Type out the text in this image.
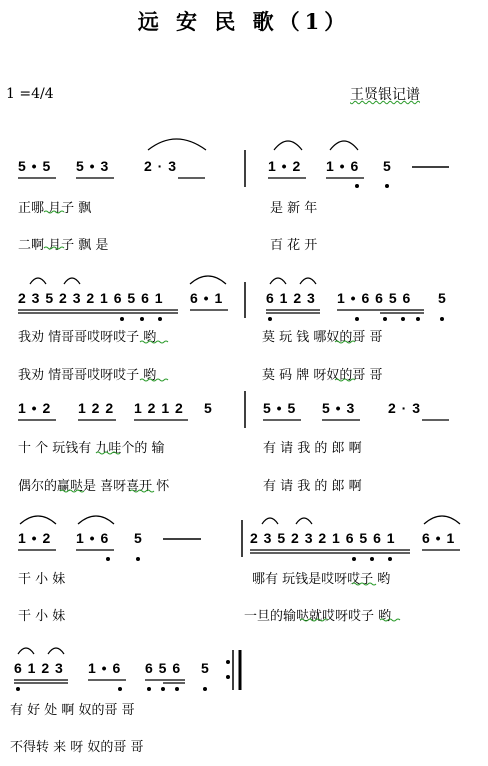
远 安 民 歌（1）
1 =4/4	王贤银记谱
5 • 5 5 • 3 2 · 3	1 • 2 1 • 6 5
正哪 月子 飘	是 新 年
二啊 月子 飘 是	百 花 开
2 3 5 2 3 2 1 6 5 6 1 6 • 1	6 1 2 3 1 • 6 6 5 6 5
我劝 情哥哥哎呀哎子 哟	莫 玩 钱 哪奴的哥 哥
我劝 情哥哥哎呀哎子 哟	莫 码 牌 呀奴的哥 哥
1 • 2 1 2 2 1 2 1 2 5	5 • 5 5 • 3 2 · 3
十 个 玩钱有 九哇个的 输	有 请 我 的 郎 啊
偶尔的赢哒是 喜呀喜开 怀	有 请 我 的 郎 啊
1 • 2 1 • 6 5	2 3 5 2 3 2 1 6 5 6 1 6 • 1
干 小 妹	哪有 玩钱是哎呀哎子 哟
干 小 妹	一旦的输哒就哎呀哎子 哟
6 1 2 3 1 • 6 6 5 6 5
有 好 处 啊 奴的哥 哥
不得转 来 呀 奴的哥 哥
